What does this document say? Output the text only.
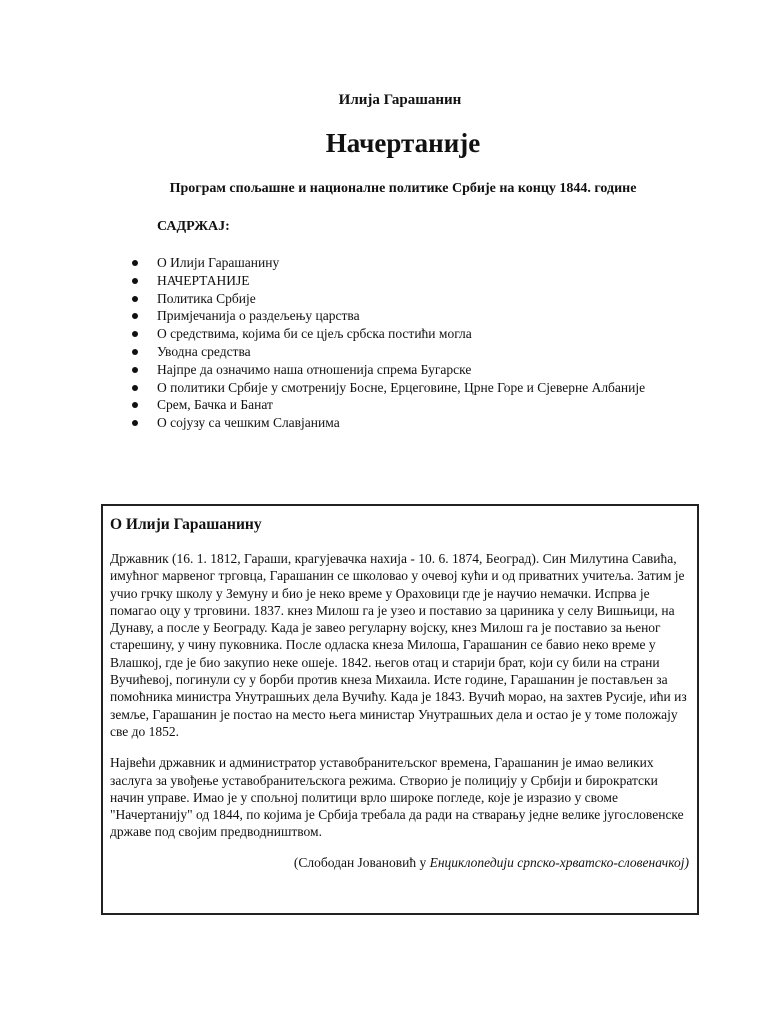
Илија Гарашанин
Начертаније
Програм спољашне и националне политике Србије на концу 1844. године
САДРЖАЈ:
О Илији Гарашанину
НАЧЕРТАНИЈЕ
Политика Србије
Примјечанија о раздељењу царства
О средствима, којима би се цјељ србска постићи могла
Уводна средства
Најпре да означимо наша отношенија спрема Бугарске
О политики Србије у смотренију Босне, Ерцеговине, Црне Горе и Сјеверне Албаније
Срем, Бачка и Банат
О сојузу са чешким Славјанима
О Илији Гарашанину

Државник (16. 1. 1812, Гараши, крагујевачка нахија - 10. 6. 1874, Београд). Син Милутина Савића, имућног марвеног трговца, Гарашанин се школовао у очевој кући и од приватних учитеља. Затим је учио грчку школу у Земуну и био је неко време у Ораховици где је научио немачки. Испрва је помагао оцу у трговини. 1837. кнез Милош га је узео и поставио за цариника у селу Вишњици, на Дунаву, а после у Београду. Када је завео регуларну војску, кнез Милош га је поставио за њеног старешину, у чину пуковника. После одласка кнеза Милоша, Гарашанин се бавио неко време у Влашкој, где је био закупио неке ошеје. 1842. његов отац и старији брат, који су били на страни Вучићевој, погинули су у борби против кнеза Михаила. Исте године, Гарашанин је постављен за помоћника министра Унутрашњих дела Вучићу. Када је 1843. Вучић морао, на захтев Русије, ићи из земље, Гарашанин је постао на место њега министар Унутрашњих дела и остао је у томе положају све до 1852.

Највећи државник и администратор уставобранитељског времена, Гарашанин је имао великих заслуга за увођење уставобранитељскога режима. Створио је полицију у Србији и бирократски начин управе. Имао је у спољној политици врло широке погледе, које је изразио у своме "Начертанију" од 1844, по којима је Србија требала да ради на стварању једне велике југословенске државе под својим предводништвом.

(Слободан Јовановић у Енциклопедији српско-хрватско-словеначкој)
